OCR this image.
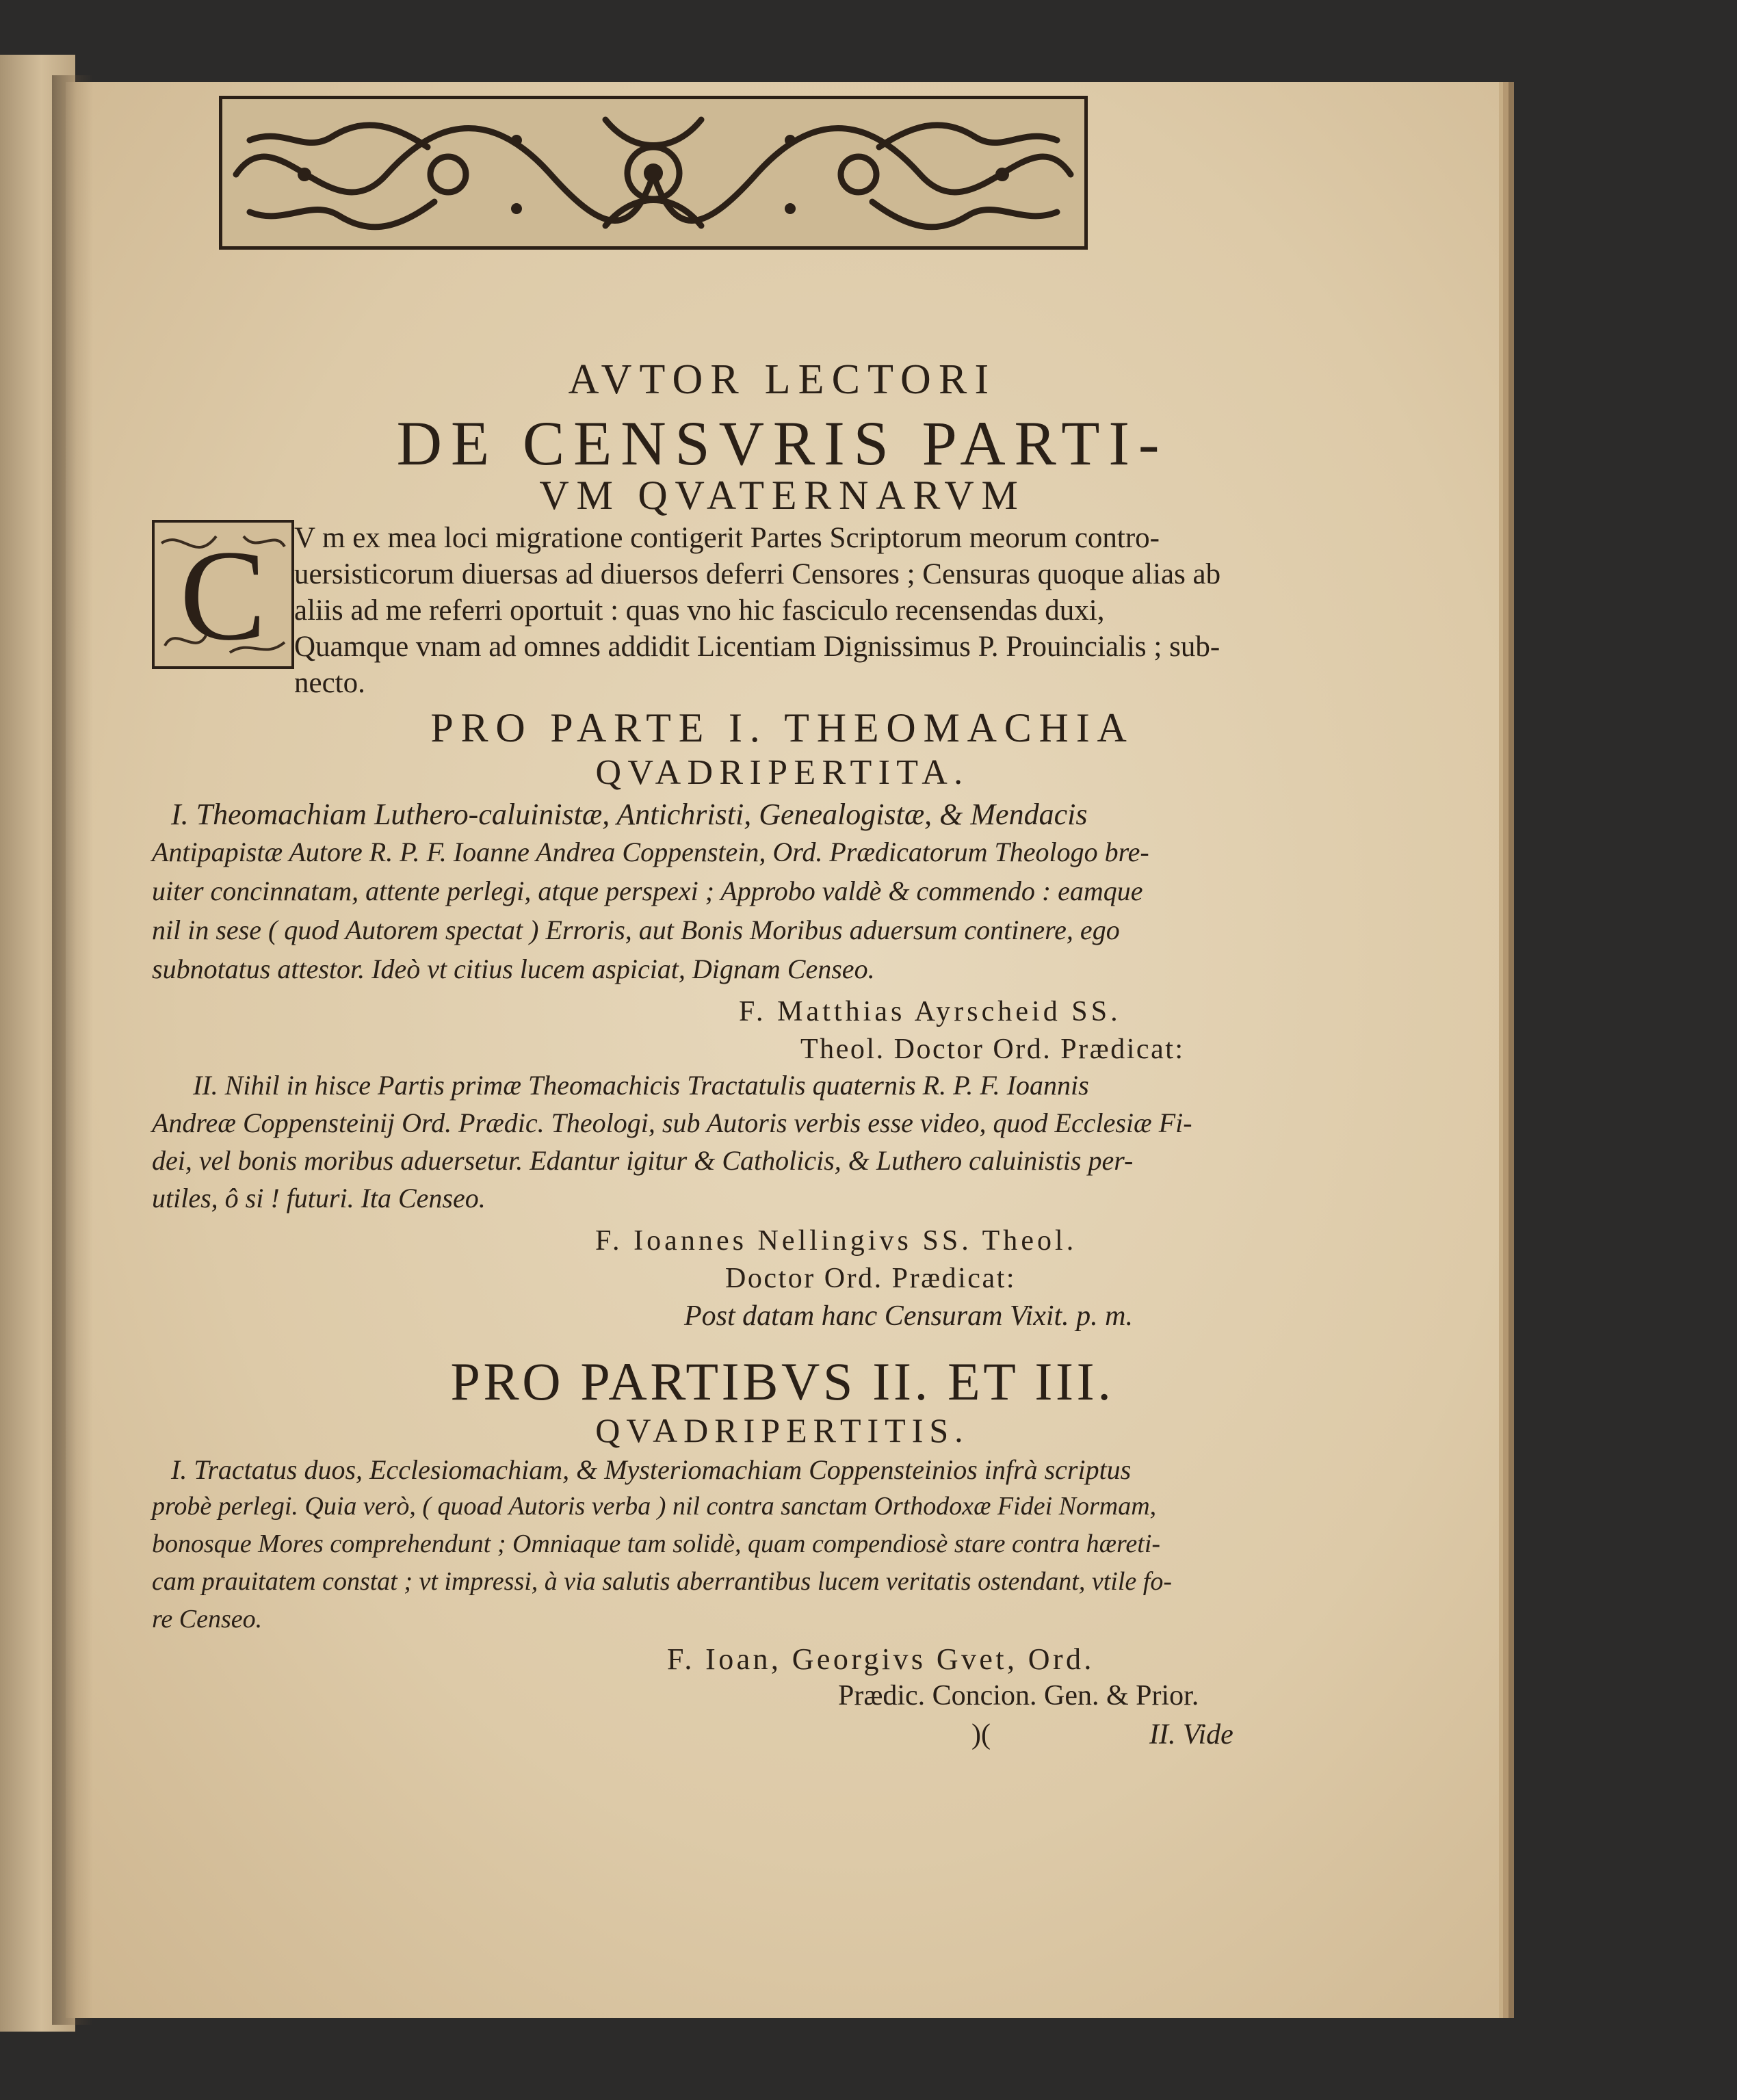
AVTOR LECTORI
DE CENSVRIS PARTI-
VM QVATERNARVM
C V m ex mea loci migratione contigerit Partes Scriptorum meorum contro-
uersisticorum diuersas ad diuersos deferri Censores ; Censuras quoque alias ab
aliis ad me referri oportuit : quas vno hic fasciculo recensendas duxi,
Quamque vnam ad omnes addidit Licentiam Dignissimus P. Prouincialis ; sub-
necto.
PRO PARTE I. THEOMACHIA
QVADRIPERTITA.
I. Theomachiam Luthero-caluinistæ, Antichristi, Genealogistæ, & Mendacis
Antipapistæ Autore R. P. F. Ioanne Andrea Coppenstein, Ord. Prædicatorum Theologo bre-
uiter concinnatam, attente perlegi, atque perspexi ; Approbo valdè & commendo : eamque
nil in sese ( quod Autorem spectat ) Erroris, aut Bonis Moribus aduersum continere, ego
subnotatus attestor. Ideò vt citius lucem aspiciat, Dignam Censeo.
F. Matthias Ayrscheid SS.
Theol. Doctor Ord. Prædicat:
II. Nihil in hisce Partis primæ Theomachicis Tractatulis quaternis R. P. F. Ioannis
Andreæ Coppensteinij Ord. Prædic. Theologi, sub Autoris verbis esse video, quod Ecclesiæ Fi-
dei, vel bonis moribus aduersetur. Edantur igitur & Catholicis, & Luthero caluinistis per-
utiles, ô si ! futuri. Ita Censeo.
F. Ioannes Nellingivs SS. Theol.
Doctor Ord. Prædicat:
Post datam hanc Censuram Vixit. p. m.
PRO PARTIBVS II. ET III.
QVADRIPERTITIS.
I. Tractatus duos, Ecclesiomachiam, & Mysteriomachiam Coppensteinios infrà scriptus
probè perlegi. Quia verò, ( quoad Autoris verba ) nil contra sanctam Orthodoxæ Fidei Normam,
bonosque Mores comprehendunt ; Omniaque tam solidè, quam compendiosè stare contra hæreti-
cam prauitatem constat ; vt impressi, à via salutis aberrantibus lucem veritatis ostendant, vtile fo-
re Censeo.
F. Ioan, Georgivs Gvet, Ord.
Prædic. Concion. Gen. & Prior.
)(	II. Vide
